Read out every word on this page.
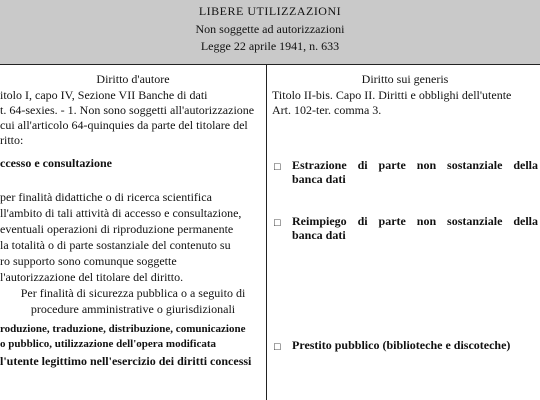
LIBERE UTILIZZAZIONI
Non soggette ad autorizzazioni
Legge 22 aprile 1941, n. 633
Diritto d'autore	Diritto sui generis
itolo I, capo IV, Sezione VII Banche di dati
t. 64-sexies. - 1. Non sono soggetti all'autorizzazione
cui all'articolo 64-quinquies da parte del titolare del
ritto:
ccesso e consultazione
per finalità didattiche o di ricerca scientifica
ll'ambito di tali attività di accesso e consultazione,
eventuali operazioni di riproduzione permanente
la totalità o di parte sostanziale del contenuto su
ro supporto sono comunque soggette
l'autorizzazione del titolare del diritto.
Per finalità di sicurezza pubblica o a seguito di
procedure amministrative o giurisdizionali
roduzione, traduzione, distribuzione, comunicazione
o pubblico, utilizzazione dell'opera modificata
l'utente legittimo nell'esercizio dei diritti concessi
Titolo II-bis. Capo II. Diritti e obblighi dell'utente
Art. 102-ter. comma 3.
□ Estrazione di parte non sostanziale della
banca dati
□ Reimpiego di parte non sostanziale della
banca dati
□ Prestito pubblico (biblioteche e discoteche)
